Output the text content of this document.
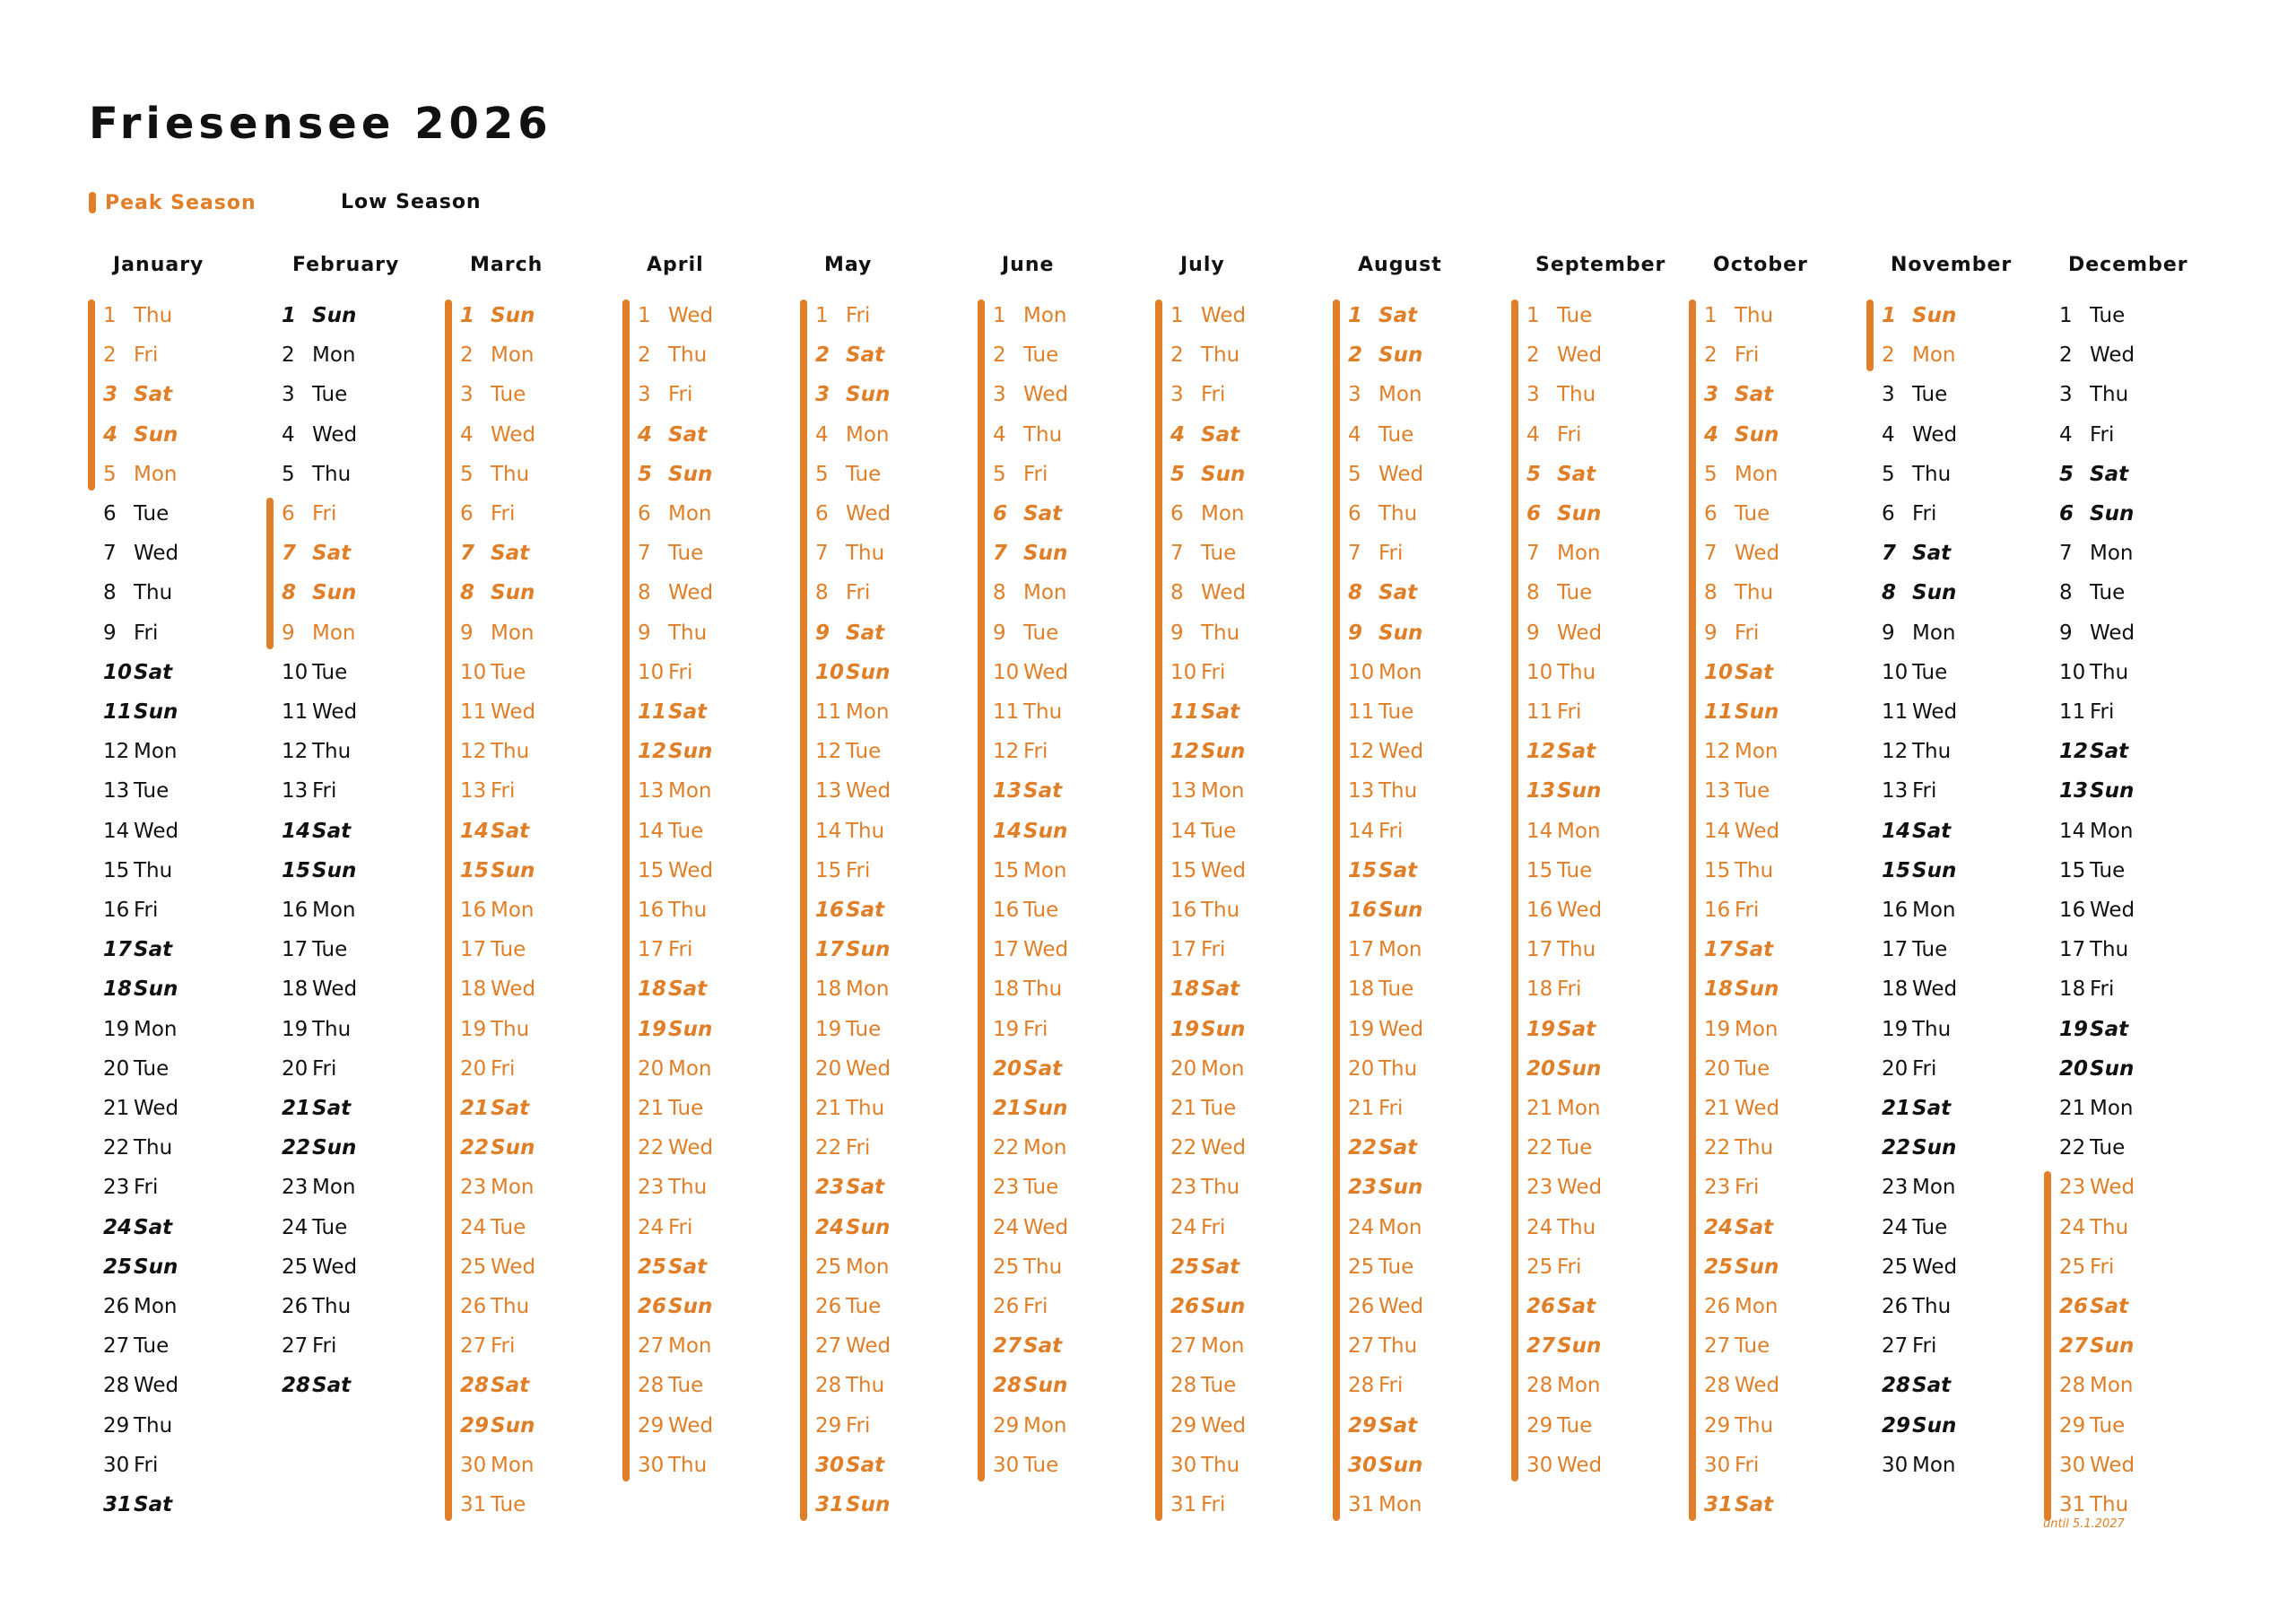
Friesensee 2026
Peak Season	Low Season
January
1 Thu
2 Fri
3 Sat
4 Sun
5 Mon
6 Tue
7 Wed
8 Thu
9 Fri
10Sat
11Sun
12 Mon
13 Tue
14 Wed
15 Thu
16 Fri
17Sat
18Sun
19 Mon
20 Tue
21 Wed
22 Thu
23 Fri
24Sat
25Sun
26 Mon
27 Tue
28 Wed
29 Thu
30 Fri
31Sat
February
1 Sun
2 Mon
3 Tue
4 Wed
5 Thu
6 Fri
7 Sat
8 Sun
9 Mon
10 Tue
11 Wed
12 Thu
13 Fri
14Sat
15Sun
16 Mon
17 Tue
18 Wed
19 Thu
20 Fri
21Sat
22Sun
23 Mon
24 Tue
25 Wed
26 Thu
27 Fri
28Sat
March
1 Sun
2 Mon
3 Tue
4 Wed
5 Thu
6 Fri
7 Sat
8 Sun
9 Mon
10 Tue
11 Wed
12 Thu
13 Fri
14Sat
15Sun
16 Mon
17 Tue
18 Wed
19 Thu
20 Fri
21Sat
22Sun
23 Mon
24 Tue
25 Wed
26 Thu
27 Fri
28Sat
29Sun
30 Mon
31 Tue
April
1 Wed
2 Thu
3 Fri
4 Sat
5 Sun
6 Mon
7 Tue
8 Wed
9 Thu
10 Fri
11Sat
12Sun
13 Mon
14 Tue
15 Wed
16 Thu
17 Fri
18Sat
19Sun
20 Mon
21 Tue
22 Wed
23 Thu
24 Fri
25Sat
26Sun
27 Mon
28 Tue
29 Wed
30 Thu
May
1 Fri
2 Sat
3 Sun
4 Mon
5 Tue
6 Wed
7 Thu
8 Fri
9 Sat
10Sun
11 Mon
12 Tue
13 Wed
14 Thu
15 Fri
16Sat
17Sun
18 Mon
19 Tue
20 Wed
21 Thu
22 Fri
23Sat
24Sun
25 Mon
26 Tue
27 Wed
28 Thu
29 Fri
30Sat
31Sun
June
1 Mon
2 Tue
3 Wed
4 Thu
5 Fri
6 Sat
7 Sun
8 Mon
9 Tue
10 Wed
11 Thu
12 Fri
13Sat
14Sun
15 Mon
16 Tue
17 Wed
18 Thu
19 Fri
20Sat
21Sun
22 Mon
23 Tue
24 Wed
25 Thu
26 Fri
27Sat
28Sun
29 Mon
30 Tue
July
1 Wed
2 Thu
3 Fri
4 Sat
5 Sun
6 Mon
7 Tue
8 Wed
9 Thu
10 Fri
11Sat
12Sun
13 Mon
14 Tue
15 Wed
16 Thu
17 Fri
18Sat
19Sun
20 Mon
21 Tue
22 Wed
23 Thu
24 Fri
25Sat
26Sun
27 Mon
28 Tue
29 Wed
30 Thu
31 Fri
August
1 Sat
2 Sun
3 Mon
4 Tue
5 Wed
6 Thu
7 Fri
8 Sat
9 Sun
10 Mon
11 Tue
12 Wed
13 Thu
14 Fri
15Sat
16Sun
17 Mon
18 Tue
19 Wed
20 Thu
21 Fri
22Sat
23Sun
24 Mon
25 Tue
26 Wed
27 Thu
28 Fri
29Sat
30Sun
31 Mon
September
1 Tue
2 Wed
3 Thu
4 Fri
5 Sat
6 Sun
7 Mon
8 Tue
9 Wed
10 Thu
11 Fri
12Sat
13Sun
14 Mon
15 Tue
16 Wed
17 Thu
18 Fri
19Sat
20Sun
21 Mon
22 Tue
23 Wed
24 Thu
25 Fri
26Sat
27Sun
28 Mon
29 Tue
30 Wed
October
1 Thu
2 Fri
3 Sat
4 Sun
5 Mon
6 Tue
7 Wed
8 Thu
9 Fri
10Sat
11Sun
12 Mon
13 Tue
14 Wed
15 Thu
16 Fri
17Sat
18Sun
19 Mon
20 Tue
21 Wed
22 Thu
23 Fri
24Sat
25Sun
26 Mon
27 Tue
28 Wed
29 Thu
30 Fri
31Sat
November
1 Sun
2 Mon
3 Tue
4 Wed
5 Thu
6 Fri
7 Sat
8 Sun
9 Mon
10 Tue
11 Wed
12 Thu
13 Fri
14Sat
15Sun
16 Mon
17 Tue
18 Wed
19 Thu
20 Fri
21Sat
22Sun
23 Mon
24 Tue
25 Wed
26 Thu
27 Fri
28Sat
29Sun
30 Mon
December
1 Tue
2 Wed
3 Thu
4 Fri
5 Sat
6 Sun
7 Mon
8 Tue
9 Wed
10 Thu
11 Fri
12Sat
13Sun
14 Mon
15 Tue
16 Wed
17 Thu
18 Fri
19Sat
20Sun
21 Mon
22 Tue
23 Wed
24 Thu
25 Fri
26Sat
27Sun
28 Mon
29 Tue
30 Wed
31 Thu
until 5.1.2027
